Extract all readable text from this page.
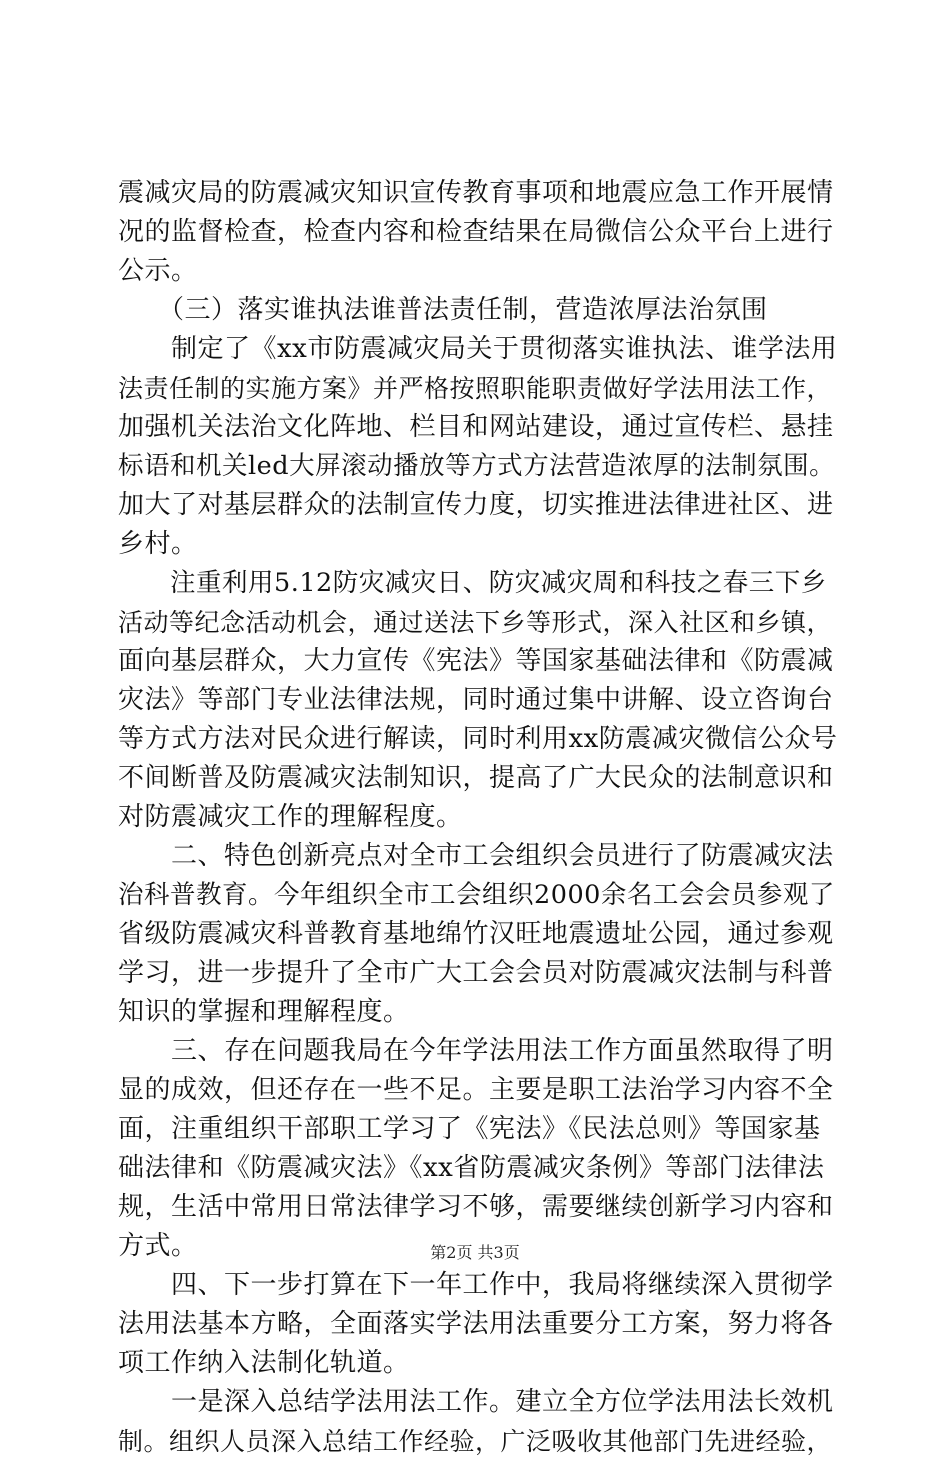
震减灾局的防震减灾知识宣传教育事项和地震应急工作开展情
况的监督检查，检查内容和检查结果在局微信公众平台上进行
公示。
　　（三）落实谁执法谁普法责任制，营造浓厚法治氛围
　　制定了《xx市防震减灾局关于贯彻落实谁执法、谁学法用
法责任制的实施方案》并严格按照职能职责做好学法用法工作，
加强机关法治文化阵地、栏目和网站建设，通过宣传栏、悬挂
标语和机关led大屏滚动播放等方式方法营造浓厚的法制氛围。
加大了对基层群众的法制宣传力度，切实推进法律进社区、进
乡村。
　　注重利用5.12防灾减灾日、防灾减灾周和科技之春三下乡
活动等纪念活动机会，通过送法下乡等形式，深入社区和乡镇，
面向基层群众，大力宣传《宪法》等国家基础法律和《防震减
灾法》等部门专业法律法规，同时通过集中讲解、设立咨询台
等方式方法对民众进行解读，同时利用xx防震减灾微信公众号
不间断普及防震减灾法制知识，提高了广大民众的法制意识和
对防震减灾工作的理解程度。
　　二、特色创新亮点对全市工会组织会员进行了防震减灾法
治科普教育。今年组织全市工会组织2000余名工会会员参观了
省级防震减灾科普教育基地绵竹汉旺地震遗址公园，通过参观
学习，进一步提升了全市广大工会会员对防震减灾法制与科普
知识的掌握和理解程度。
　　三、存在问题我局在今年学法用法工作方面虽然取得了明
显的成效，但还存在一些不足。主要是职工法治学习内容不全
面，注重组织干部职工学习了《宪法》《民法总则》等国家基
础法律和《防震减灾法》《xx省防震减灾条例》等部门法律法
规，生活中常用日常法律学习不够，需要继续创新学习内容和
方式。
　　四、下一步打算在下一年工作中，我局将继续深入贯彻学
法用法基本方略，全面落实学法用法重要分工方案，努力将各
项工作纳入法制化轨道。
　　一是深入总结学法用法工作。建立全方位学法用法长效机
制。组织人员深入总结工作经验，广泛吸收其他部门先进经验，
第2页 共3页
